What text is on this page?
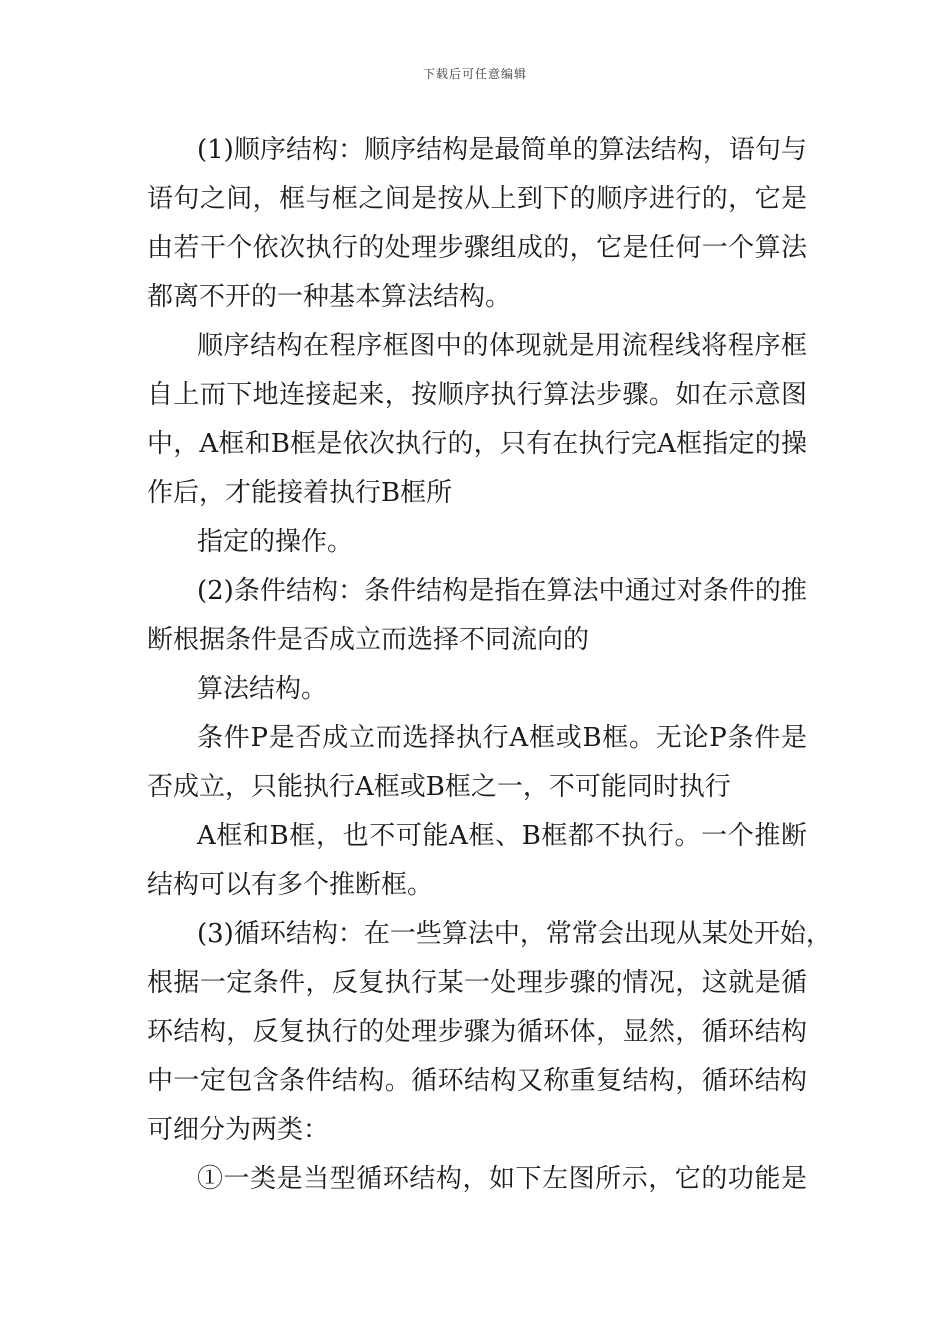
下载后可任意编辑
(1)顺序结构：顺序结构是最简单的算法结构，语句与
语句之间，框与框之间是按从上到下的顺序进行的，它是
由若干个依次执行的处理步骤组成的，它是任何一个算法
都离不开的一种基本算法结构。
顺序结构在程序框图中的体现就是用流程线将程序框
自上而下地连接起来，按顺序执行算法步骤。如在示意图
中，A框和B框是依次执行的，只有在执行完A框指定的操
作后，才能接着执行B框所
指定的操作。
(2)条件结构：条件结构是指在算法中通过对条件的推
断根据条件是否成立而选择不同流向的
算法结构。
条件P是否成立而选择执行A框或B框。无论P条件是
否成立，只能执行A框或B框之一，不可能同时执行
A框和B框，也不可能A框、B框都不执行。一个推断
结构可以有多个推断框。
(3)循环结构：在一些算法中，常常会出现从某处开始，
根据一定条件，反复执行某一处理步骤的情况，这就是循
环结构，反复执行的处理步骤为循环体，显然，循环结构
中一定包含条件结构。循环结构又称重复结构，循环结构
可细分为两类：
①一类是当型循环结构，如下左图所示，它的功能是
